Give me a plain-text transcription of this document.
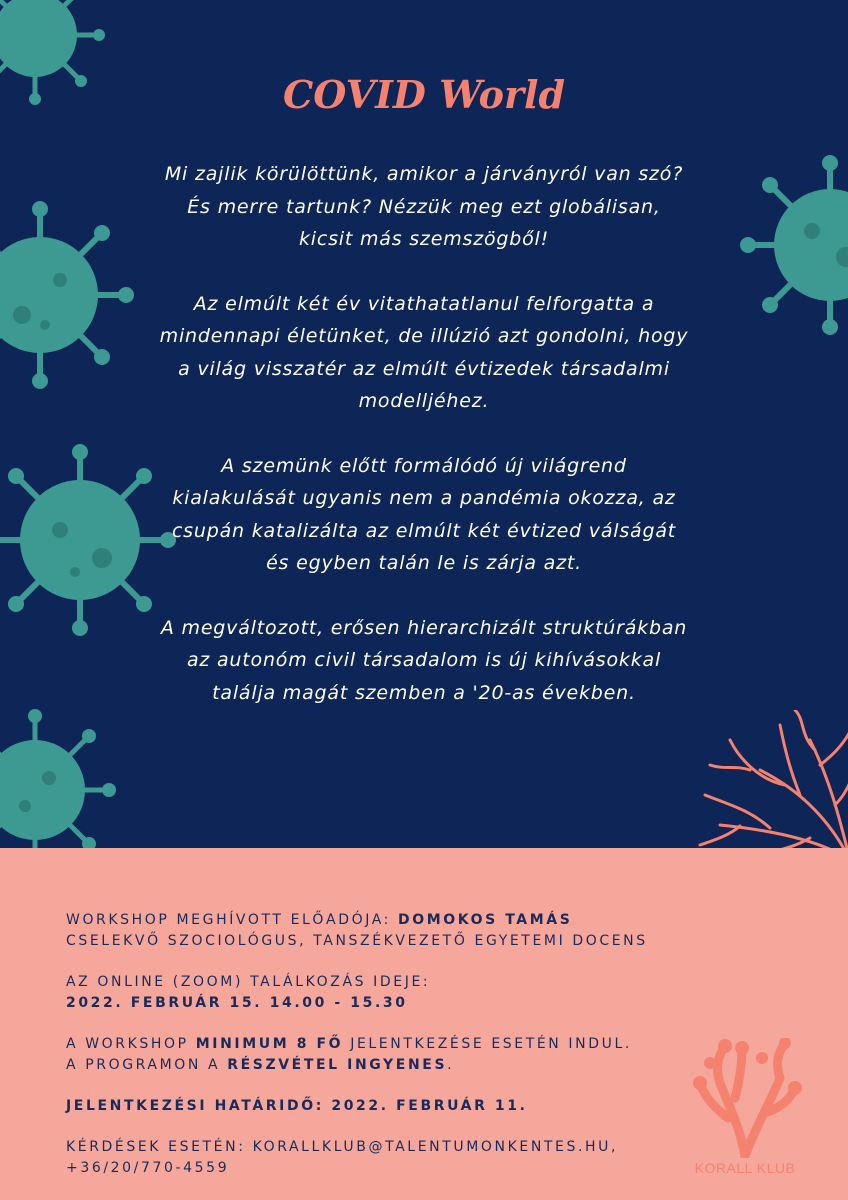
COVID World

Mi zajlik körülöttünk, amikor a járványról van szó?
És merre tartunk? Nézzük meg ezt globálisan,
kicsit más szemszögből!

Az elmúlt két év vitathatatlanul felforgatta a
mindennapi életünket, de illúzió azt gondolni, hogy
a világ visszatér az elmúlt évtizedek társadalmi
modelljéhez.

A szemünk előtt formálódó új világrend
kialakulását ugyanis nem a pandémia okozza, az
csupán katalizálta az elmúlt két évtized válságát
és egyben talán le is zárja azt.

A megváltozott, erősen hierarchizált struktúrákban
az autonóm civil társadalom is új kihívásokkal
találja magát szemben a '20-as években.

WORKSHOP MEGHÍVOTT ELŐADÓJA: DOMOKOS TAMÁS
CSELEKVŐ SZOCIOLÓGUS, TANSZÉKVEZETŐ EGYETEMI DOCENS
AZ ONLINE (ZOOM) TALÁLKOZÁS IDEJE:
2022. FEBRUÁR 15. 14.00 - 15.30
A WORKSHOP MINIMUM 8 FŐ JELENTKEZÉSE ESETÉN INDUL.
A PROGRAMON A RÉSZVÉTEL INGYENES.
JELENTKEZÉSI HATÁRIDŐ: 2022. FEBRUÁR 11.
KÉRDÉSEK ESETÉN: KORALLKLUB@TALENTUMONKENTES.HU,
+36/20/770-4559	KORALL KLUB
